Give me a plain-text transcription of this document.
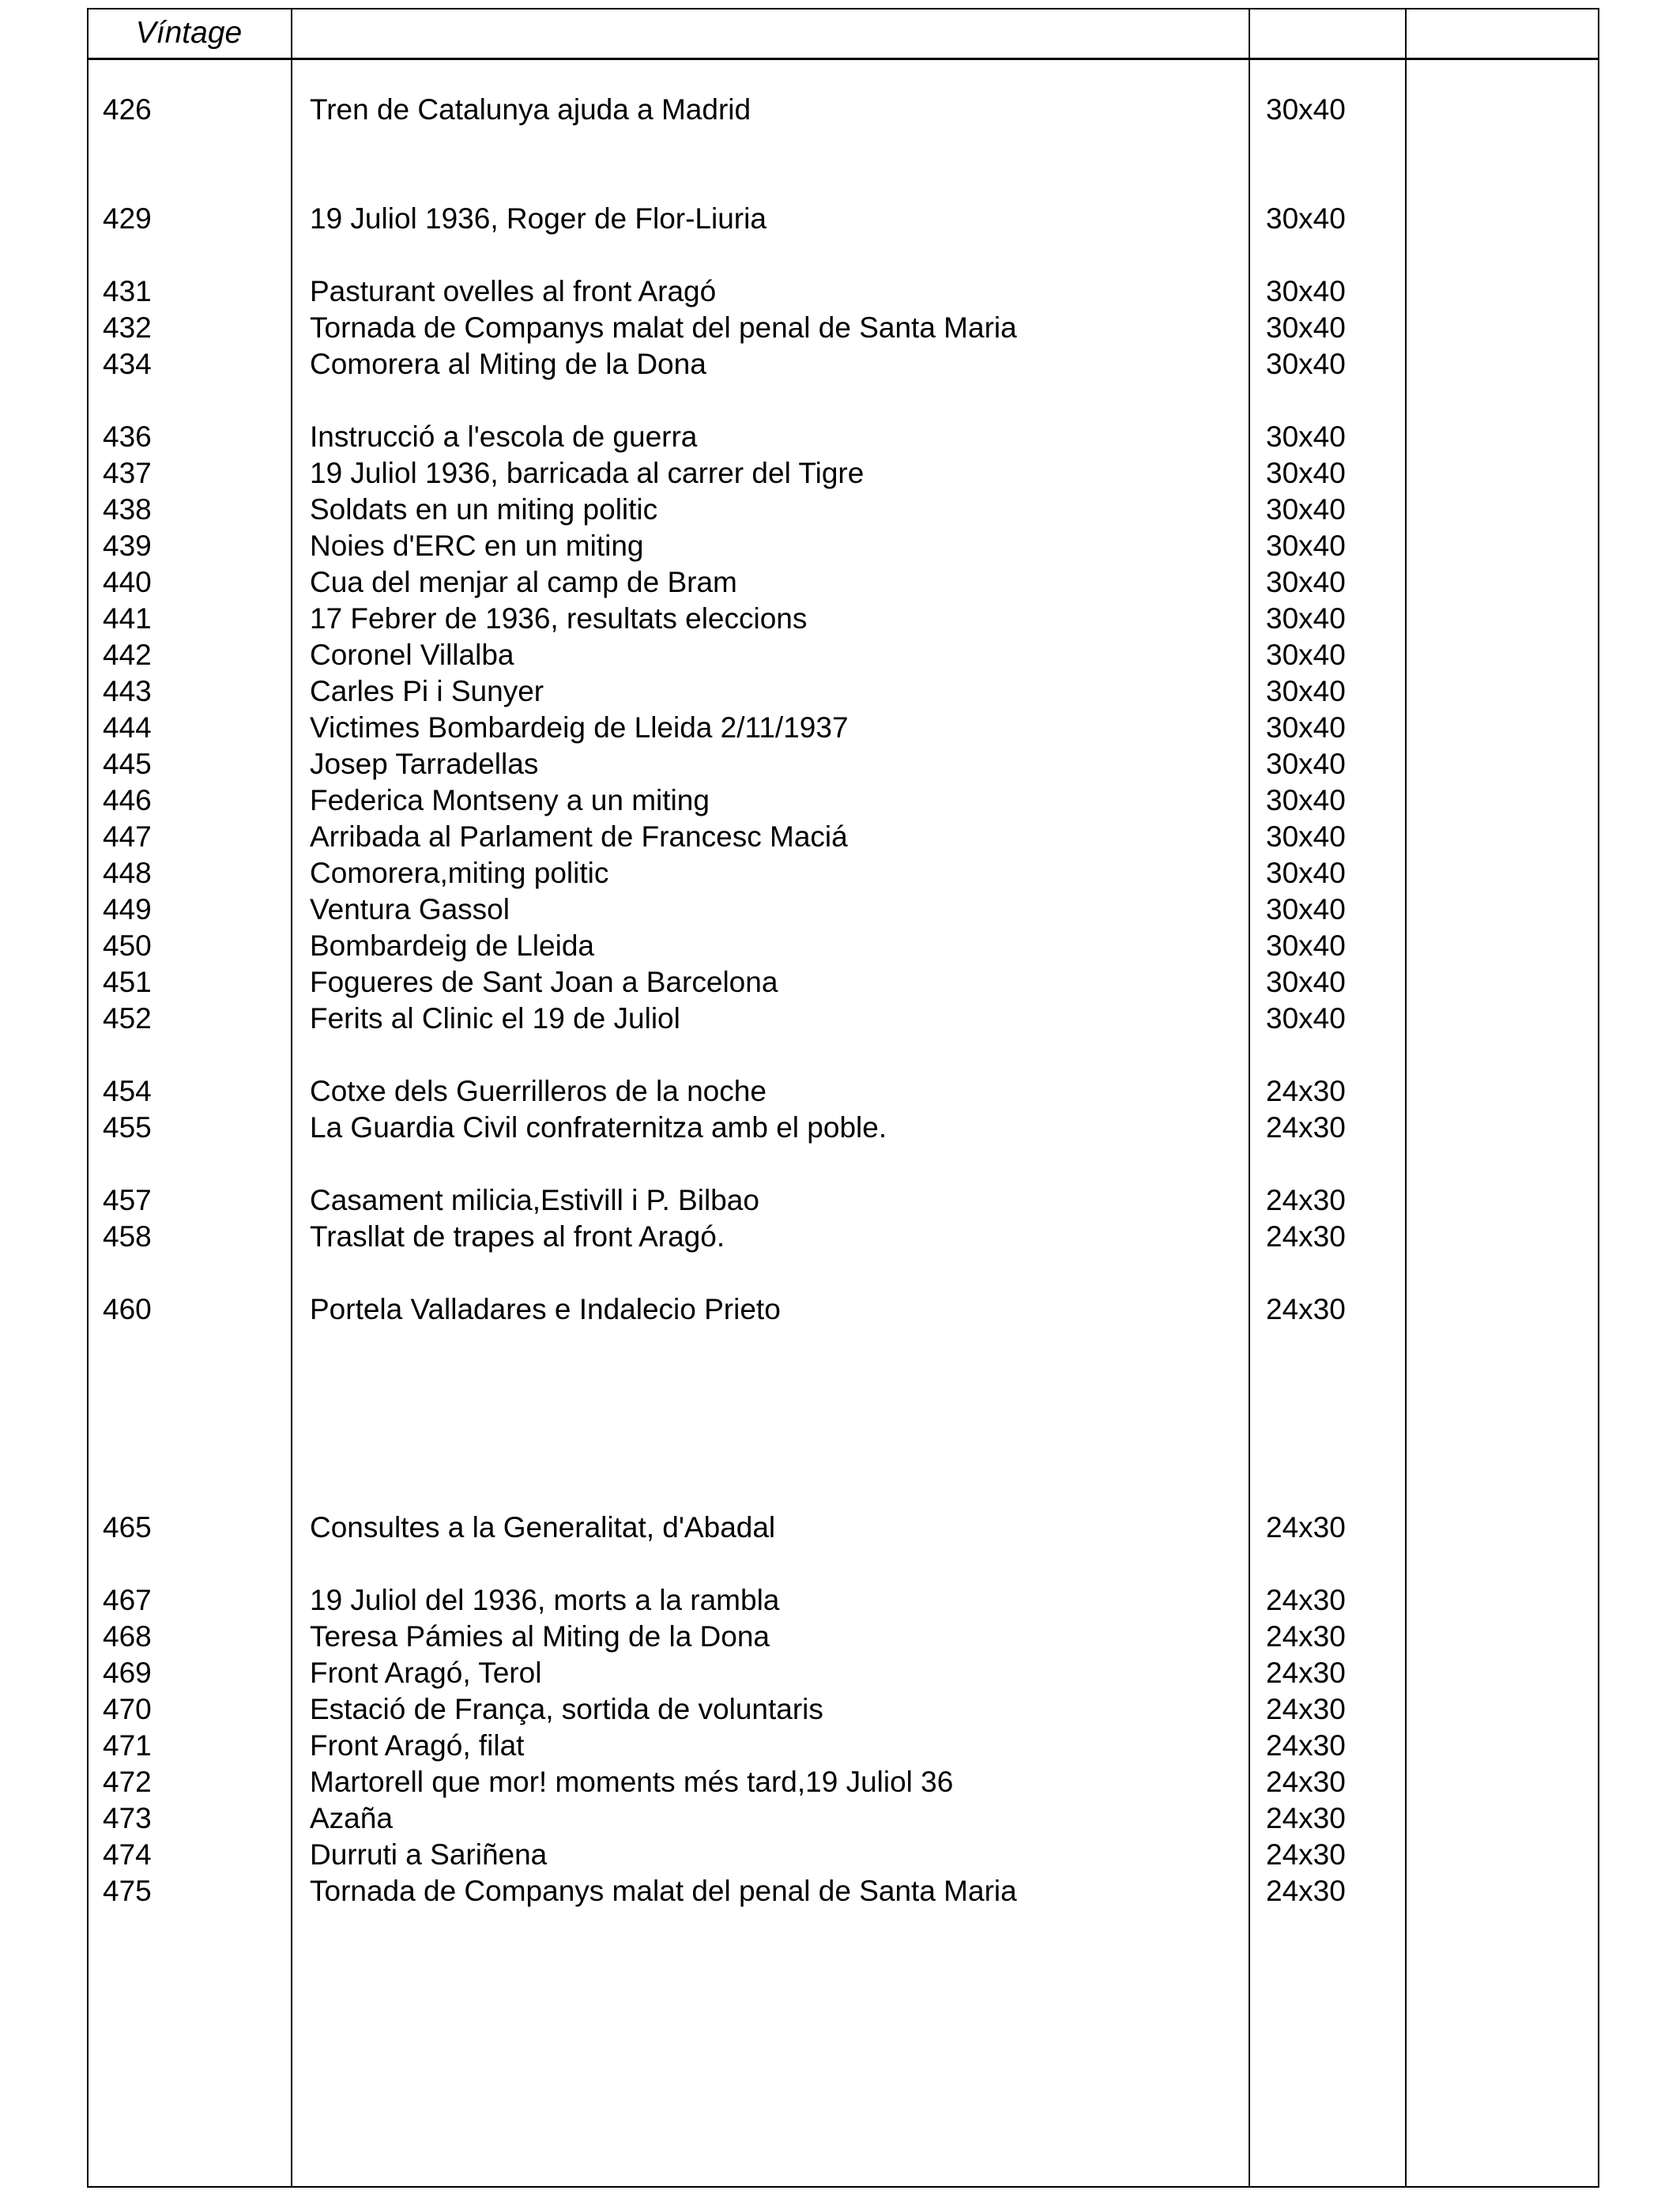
Víntage
426	Tren de Catalunya ajuda a Madrid	30x40
429	19 Juliol 1936, Roger de Flor-Liuria	30x40
431	Pasturant ovelles al front Aragó	30x40
432	Tornada de Companys malat del penal de Santa Maria	30x40
434	Comorera al Miting de la Dona	30x40
436	Instrucció a l'escola de guerra	30x40
437	19 Juliol 1936, barricada al carrer del Tigre	30x40
438	Soldats en un miting politic	30x40
439	Noies d'ERC en un miting	30x40
440	Cua del menjar al camp de Bram	30x40
441	17 Febrer de 1936, resultats eleccions	30x40
442	Coronel Villalba	30x40
443	Carles Pi i Sunyer	30x40
444	Victimes Bombardeig de Lleida 2/11/1937	30x40
445	Josep Tarradellas	30x40
446	Federica Montseny a un miting	30x40
447	Arribada al Parlament de Francesc Maciá	30x40
448	Comorera,miting politic	30x40
449	Ventura Gassol	30x40
450	Bombardeig de Lleida	30x40
451	Fogueres de Sant Joan a Barcelona	30x40
452	Ferits al Clinic el 19 de Juliol	30x40
454	Cotxe dels Guerrilleros de la noche	24x30
455	La Guardia Civil confraternitza amb el poble.	24x30
457	Casament milicia,Estivill i P. Bilbao	24x30
458	Trasllat de trapes al front Aragó.	24x30
460	Portela Valladares e Indalecio Prieto	24x30
465	Consultes a la Generalitat, d'Abadal	24x30
467	19 Juliol del 1936, morts a la rambla	24x30
468	Teresa Pámies al Miting de la Dona	24x30
469	Front Aragó, Terol	24x30
470	Estació de França, sortida de voluntaris	24x30
471	Front Aragó, filat	24x30
472	Martorell que mor! moments més tard,19 Juliol 36	24x30
473	Azaña	24x30
474	Durruti a Sariñena	24x30
475	Tornada de Companys malat del penal de Santa Maria	24x30
